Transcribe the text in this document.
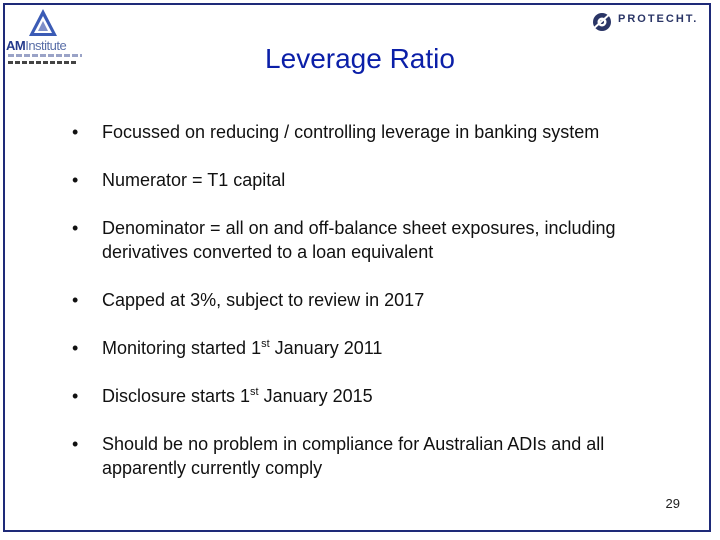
AMInstitute
PROTECHT.
Leverage Ratio
• Focussed on reducing / controlling leverage in banking system
• Numerator = T1 capital
• Denominator = all on and off-balance sheet exposures, including derivatives converted to a loan equivalent
• Capped at 3%, subject to review in 2017
• Monitoring started 1st January 2011
• Disclosure starts 1st January 2015
• Should be no problem in compliance for Australian ADIs and all apparently currently comply
29
